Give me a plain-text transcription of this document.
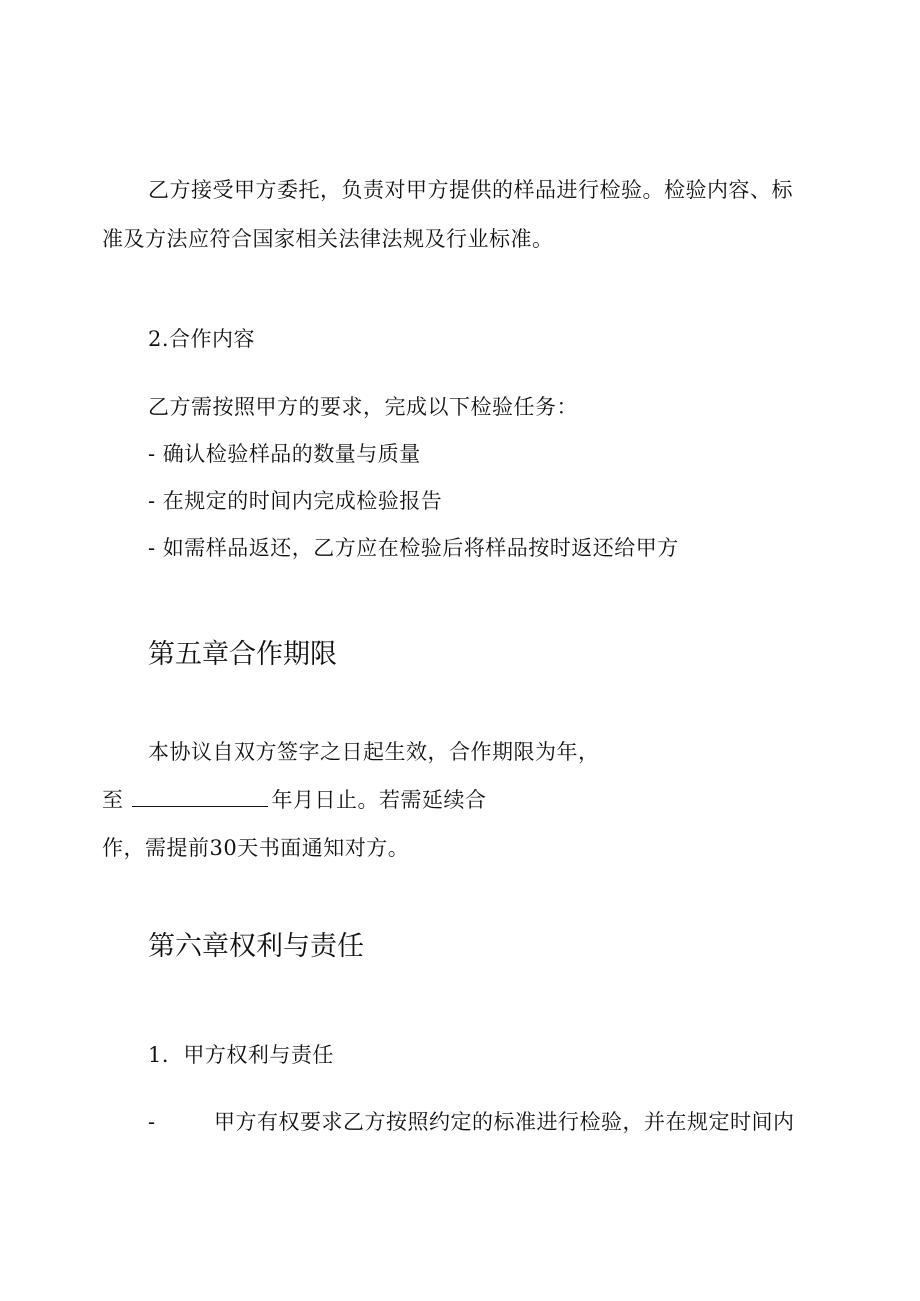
乙方接受甲方委托，负责对甲方提供的样品进行检验。检验内容、标
准及方法应符合国家相关法律法规及行业标准。
2.合作内容
乙方需按照甲方的要求，完成以下检验任务：
- 确认检验样品的数量与质量
- 在规定的时间内完成检验报告
- 如需样品返还，乙方应在检验后将样品按时返还给甲方
第五章合作期限
本协议自双方签字之日起生效，合作期限为年，
至	年月日止。若需延续合
作，需提前30天书面通知对方。
第六章权利与责任
1．甲方权利与责任
-	甲方有权要求乙方按照约定的标准进行检验，并在规定时间内
